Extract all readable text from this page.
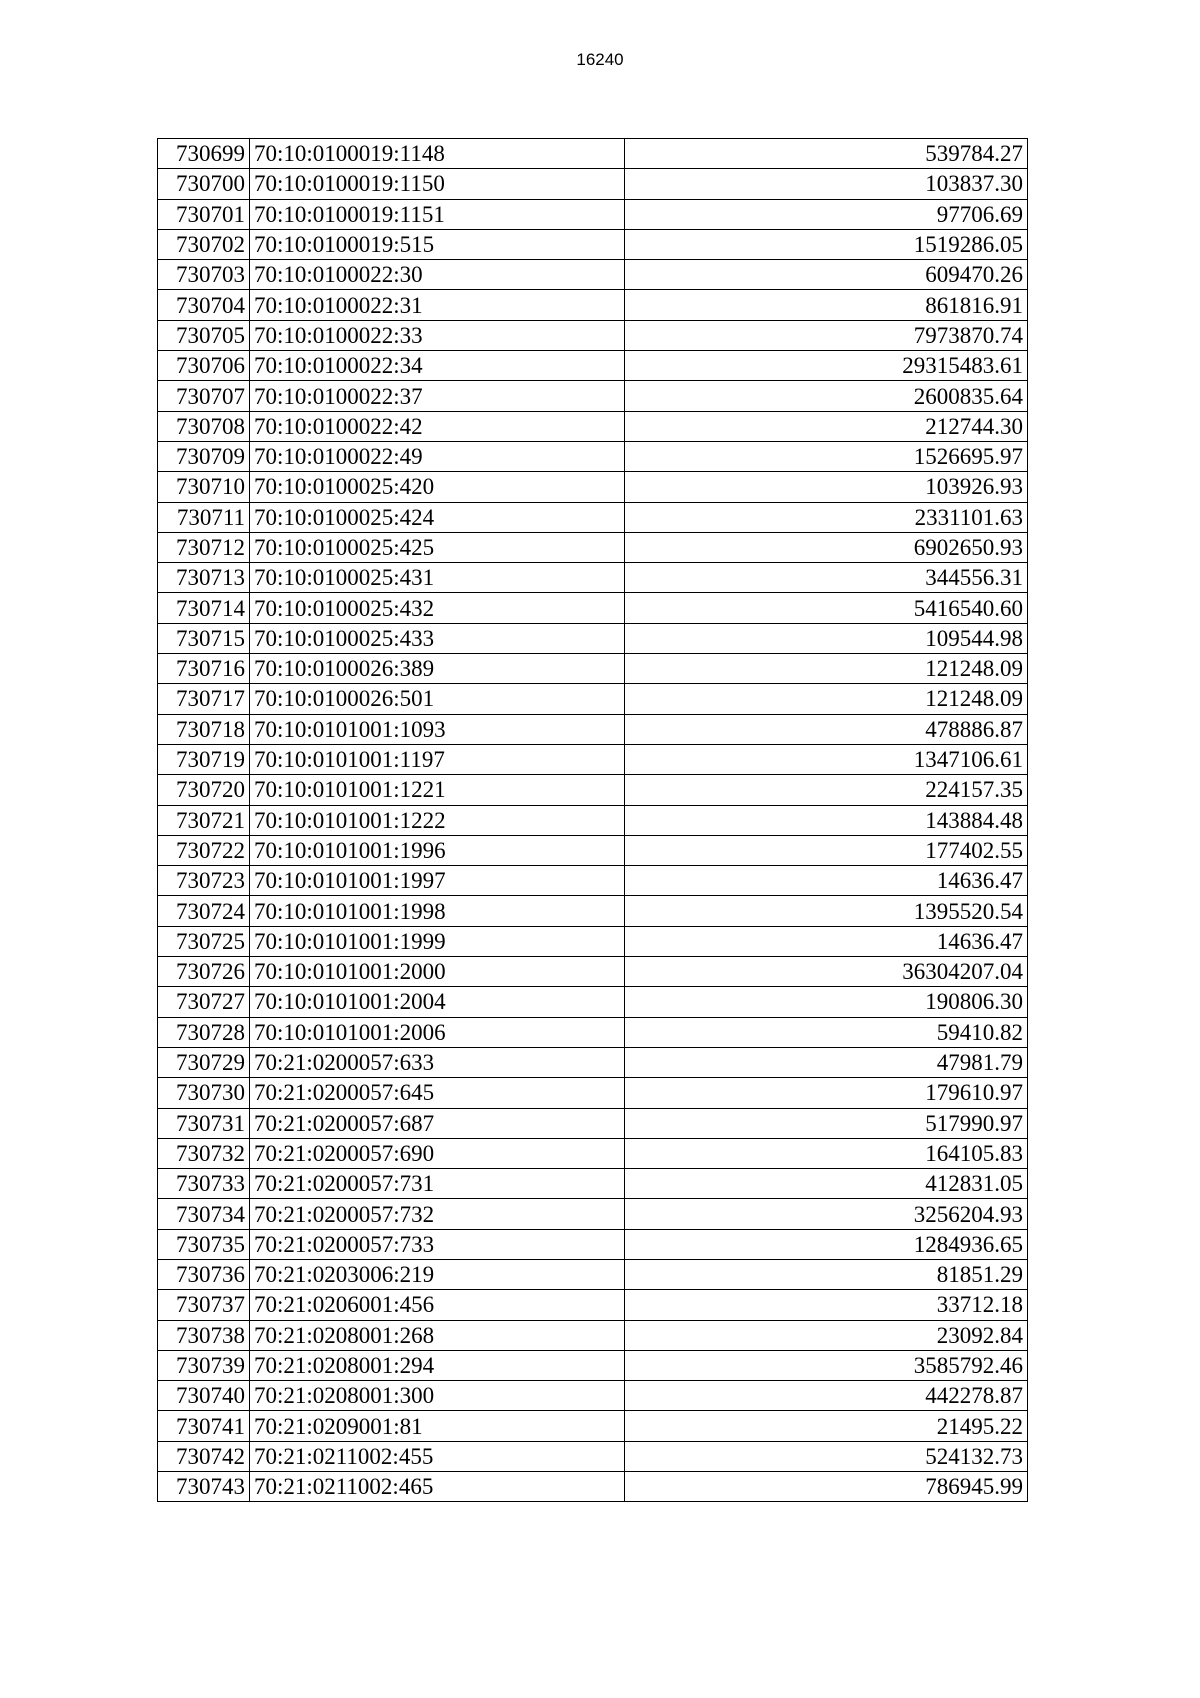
16240
730699	70:10:0100019:1148	539784.27
730700	70:10:0100019:1150	103837.30
730701	70:10:0100019:1151	97706.69
730702	70:10:0100019:515	1519286.05
730703	70:10:0100022:30	609470.26
730704	70:10:0100022:31	861816.91
730705	70:10:0100022:33	7973870.74
730706	70:10:0100022:34	29315483.61
730707	70:10:0100022:37	2600835.64
730708	70:10:0100022:42	212744.30
730709	70:10:0100022:49	1526695.97
730710	70:10:0100025:420	103926.93
730711	70:10:0100025:424	2331101.63
730712	70:10:0100025:425	6902650.93
730713	70:10:0100025:431	344556.31
730714	70:10:0100025:432	5416540.60
730715	70:10:0100025:433	109544.98
730716	70:10:0100026:389	121248.09
730717	70:10:0100026:501	121248.09
730718	70:10:0101001:1093	478886.87
730719	70:10:0101001:1197	1347106.61
730720	70:10:0101001:1221	224157.35
730721	70:10:0101001:1222	143884.48
730722	70:10:0101001:1996	177402.55
730723	70:10:0101001:1997	14636.47
730724	70:10:0101001:1998	1395520.54
730725	70:10:0101001:1999	14636.47
730726	70:10:0101001:2000	36304207.04
730727	70:10:0101001:2004	190806.30
730728	70:10:0101001:2006	59410.82
730729	70:21:0200057:633	47981.79
730730	70:21:0200057:645	179610.97
730731	70:21:0200057:687	517990.97
730732	70:21:0200057:690	164105.83
730733	70:21:0200057:731	412831.05
730734	70:21:0200057:732	3256204.93
730735	70:21:0200057:733	1284936.65
730736	70:21:0203006:219	81851.29
730737	70:21:0206001:456	33712.18
730738	70:21:0208001:268	23092.84
730739	70:21:0208001:294	3585792.46
730740	70:21:0208001:300	442278.87
730741	70:21:0209001:81	21495.22
730742	70:21:0211002:455	524132.73
730743	70:21:0211002:465	786945.99
